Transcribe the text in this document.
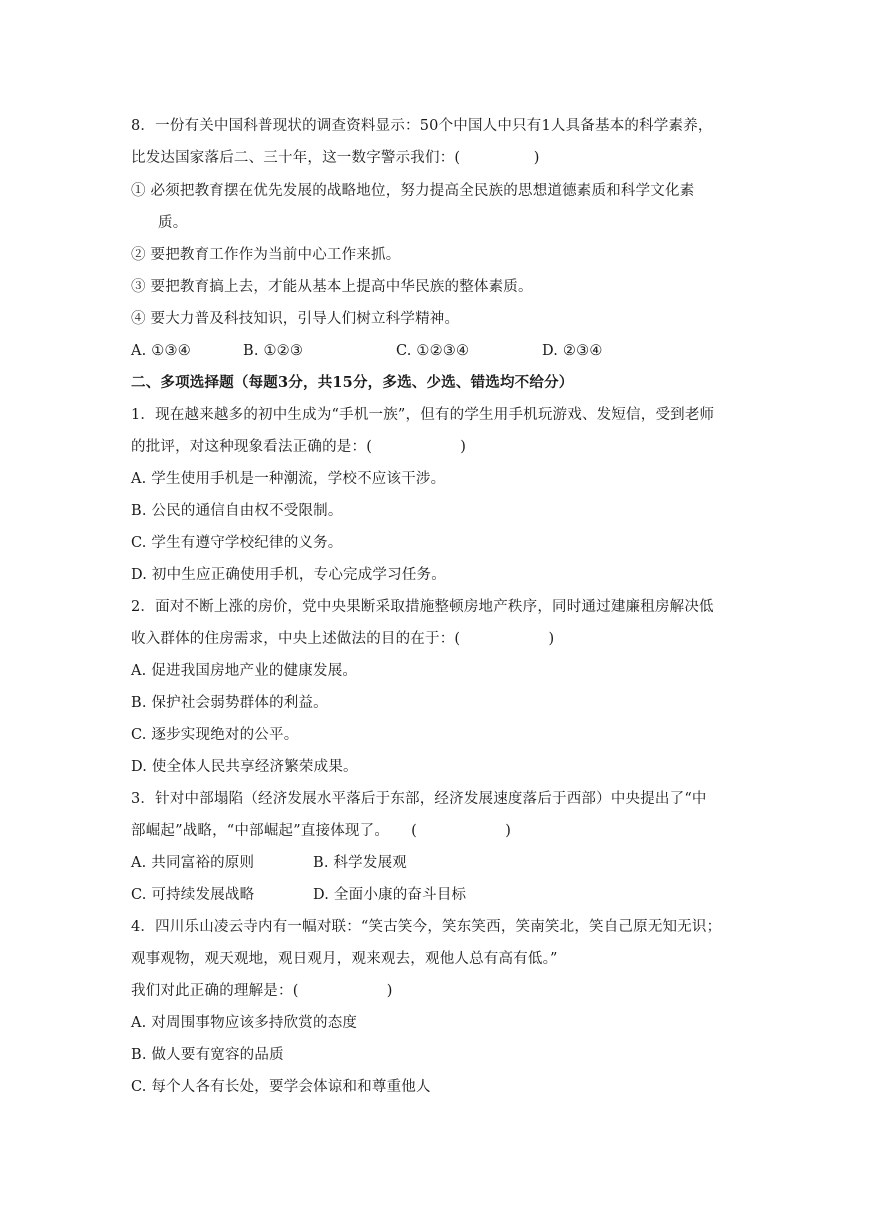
8．一份有关中国科普现状的调查资料显示：50个中国人中只有1人具备基本的科学素养，
比发达国家落后二、三十年，这一数字警示我们：(　　　　　)
① 必须把教育摆在优先发展的战略地位，努力提高全民族的思想道德素质和科学文化素
质。
② 要把教育工作作为当前中心工作来抓。
③ 要把教育搞上去，才能从基本上提高中华民族的整体素质。
④ 要大力普及科技知识，引导人们树立科学精神。
A. ①③④	B. ①②③	C. ①②③④	D. ②③④
二、多项选择题（每题3分，共15分，多选、少选、错选均不给分）
1．现在越来越多的初中生成为“手机一族”，但有的学生用手机玩游戏、发短信，受到老师
的批评，对这种现象看法正确的是：(　　　　　　)
A. 学生使用手机是一种潮流，学校不应该干涉。
B. 公民的通信自由权不受限制。
C. 学生有遵守学校纪律的义务。
D. 初中生应正确使用手机，专心完成学习任务。
2．面对不断上涨的房价，党中央果断采取措施整顿房地产秩序，同时通过建廉租房解决低
收入群体的住房需求，中央上述做法的目的在于：(　　　　　　)
A. 促进我国房地产业的健康发展。
B. 保护社会弱势群体的利益。
C. 逐步实现绝对的公平。
D. 使全体人民共享经济繁荣成果。
3．针对中部塌陷（经济发展水平落后于东部，经济发展速度落后于西部）中央提出了“中
部崛起”战略，“中部崛起”直接体现了。　　(　　　　　　)
A. 共同富裕的原则	B. 科学发展观
C. 可持续发展战略	D. 全面小康的奋斗目标
4．四川乐山凌云寺内有一幅对联：“笑古笑今，笑东笑西，笑南笑北，笑自己原无知无识；
观事观物，观天观地，观日观月，观来观去，观他人总有高有低。”
我们对此正确的理解是：(　　　　　　)
A. 对周围事物应该多持欣赏的态度
B. 做人要有宽容的品质
C. 每个人各有长处，要学会体谅和和尊重他人
